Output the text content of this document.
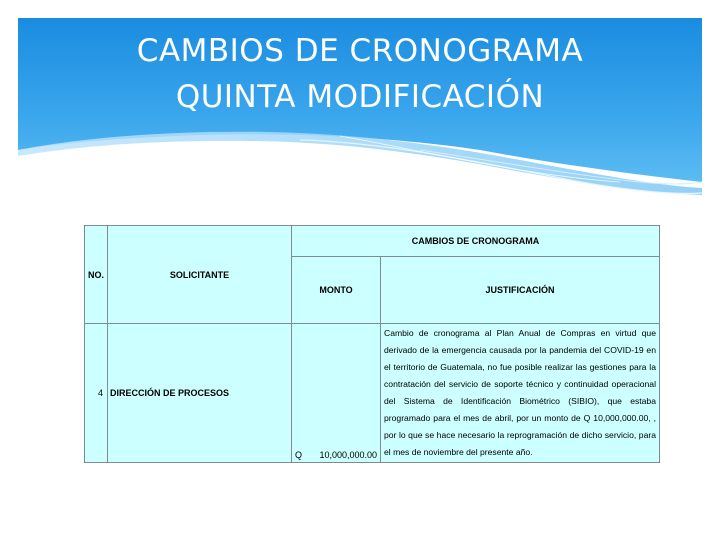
CAMBIOS DE CRONOGRAMA
QUINTA MODIFICACIÓN
NO.	SOLICITANTE	CAMBIOS DE CRONOGRAMA	
		MONTO	JUSTIFICACIÓN
4	DIRECCIÓN DE PROCESOS	Q 10,000,000.00	Cambio de cronograma al Plan Anual de Compras en virtud que derivado de la emergencia causada por la pandemia del COVID-19 en el territorio de Guatemala, no fue posible realizar las gestiones para la contratación del servicio de soporte técnico y continuidad operacional del Sistema de Identificación Biométrico (SIBIO), que estaba programado para el mes de abril, por un monto de Q 10,000,000.00, , por lo que se hace necesario la reprogramación de dicho servicio, para el mes de noviembre del presente año.
